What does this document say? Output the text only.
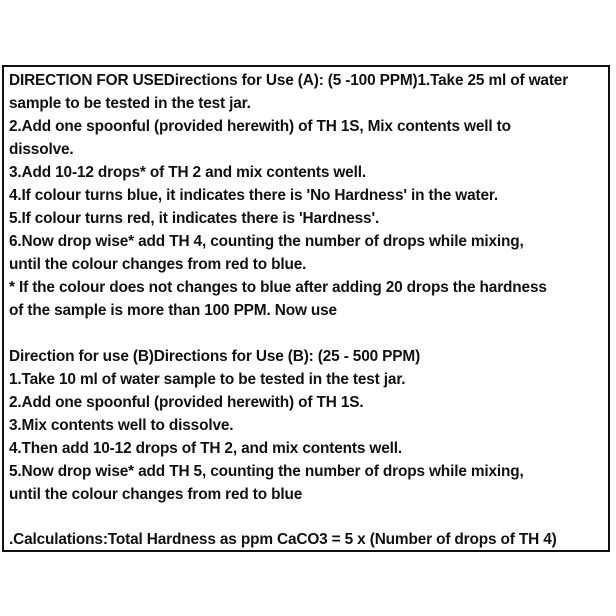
DIRECTION FOR USEDirections for Use (A): (5 -100 PPM)1.Take 25 ml of water
sample to be tested in the test jar.
2.Add one spoonful (provided herewith) of TH 1S, Mix contents well to
dissolve.
3.Add 10-12 drops* of TH 2 and mix contents well.
4.If colour turns blue, it indicates there is 'No Hardness' in the water.
5.If colour turns red, it indicates there is 'Hardness'.
6.Now drop wise* add TH 4, counting the number of drops while mixing,
until the colour changes from red to blue.
* If the colour does not changes to blue after adding 20 drops the hardness
of the sample is more than 100 PPM. Now use
Direction for use (B)Directions for Use (B): (25 - 500 PPM)
1.Take 10 ml of water sample to be tested in the test jar.
2.Add one spoonful (provided herewith) of TH 1S.
3.Mix contents well to dissolve.
4.Then add 10-12 drops of TH 2, and mix contents well.
5.Now drop wise* add TH 5, counting the number of drops while mixing,
until the colour changes from red to blue
.Calculations:Total Hardness as ppm CaCO3 = 5 x (Number of drops of TH 4)
